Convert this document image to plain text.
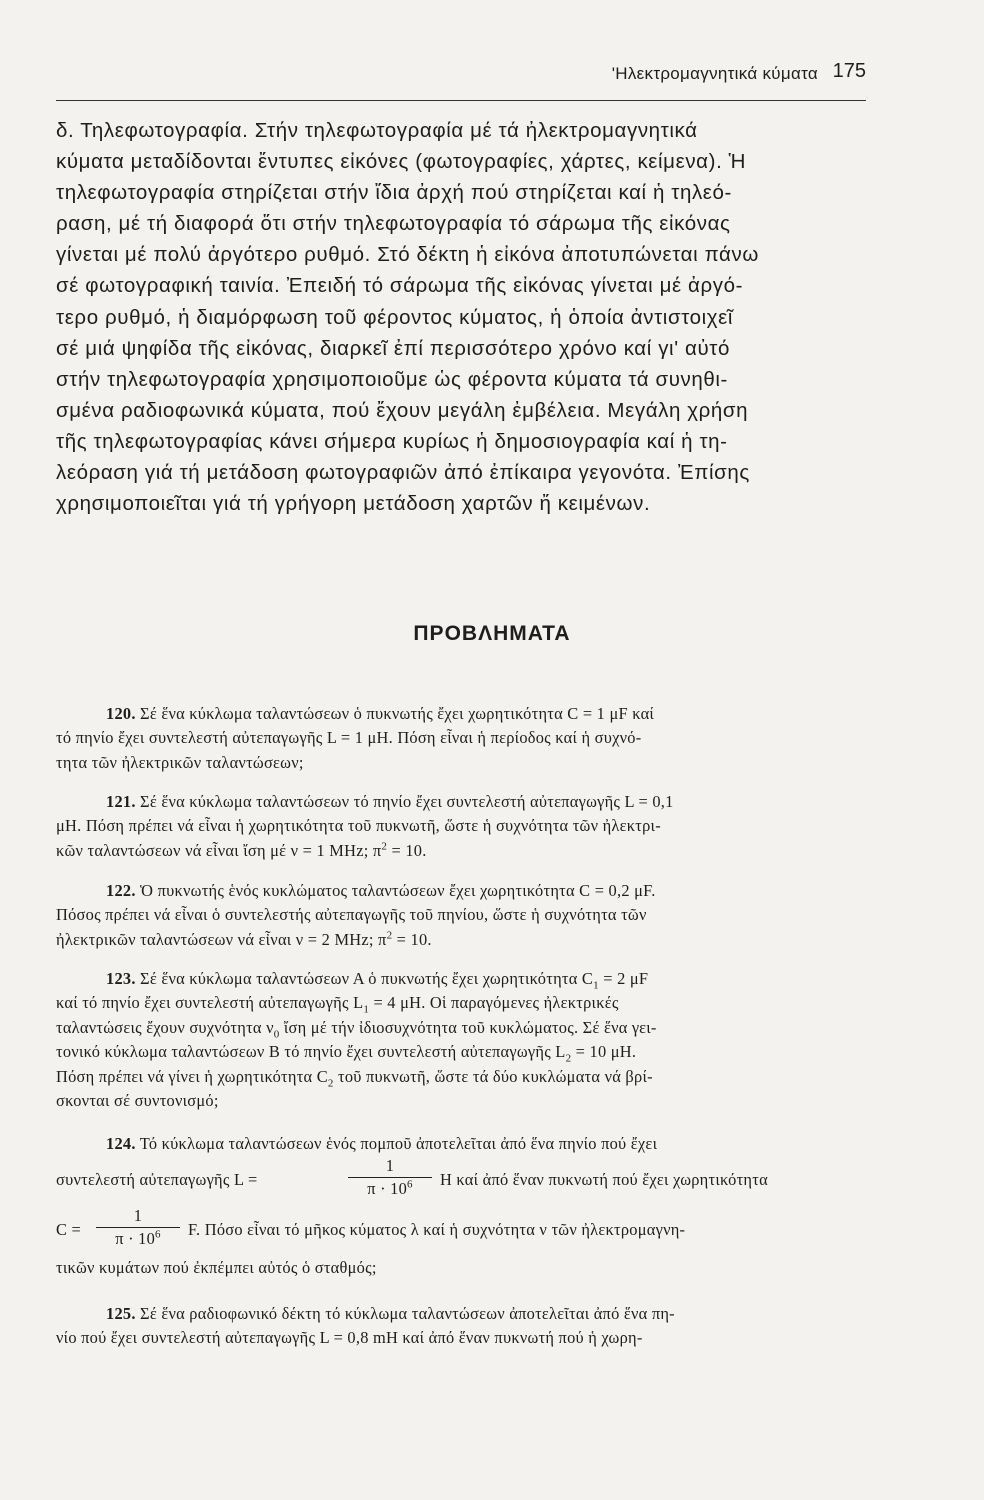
'Ηλεκτρομαγνητικά κύματα 175

δ. Τηλεφωτογραφία. Στήν τηλεφωτογραφία μέ τά ἠλεκτρομαγνητικά

κύματα μεταδίδονται ἔντυπες εἰκόνες (φωτογραφίες, χάρτες, κείμενα). Ἡ

τηλεφωτογραφία στηρίζεται στήν ἴδια ἀρχή πού στηρίζεται καί ἡ τηλεό-

ραση, μέ τή διαφορά ὅτι στήν τηλεφωτογραφία τό σάρωμα τῆς εἰκόνας

γίνεται μέ πολύ ἀργότερο ρυθμό. Στό δέκτη ἡ εἰκόνα ἀποτυπώνεται πάνω

σέ φωτογραφική ταινία. Ἐπειδή τό σάρωμα τῆς εἰκόνας γίνεται μέ ἀργό-

τερο ρυθμό, ἡ διαμόρφωση τοῦ φέροντος κύματος, ἡ ὁποία ἀντιστοιχεῖ

σέ μιά ψηφίδα τῆς εἰκόνας, διαρκεῖ ἐπί περισσότερο χρόνο καί γι' αὐτό

στήν τηλεφωτογραφία χρησιμοποιοῦμε ὡς φέροντα κύματα τά συνηθι-

σμένα ραδιοφωνικά κύματα, πού ἔχουν μεγάλη ἐμβέλεια. Μεγάλη χρήση

τῆς τηλεφωτογραφίας κάνει σήμερα κυρίως ἡ δημοσιογραφία καί ἡ τη-

λεόραση γιά τή μετάδοση φωτογραφιῶν ἀπό ἐπίκαιρα γεγονότα. Ἐπίσης

χρησιμοποιεῖται γιά τή γρήγορη μετάδοση χαρτῶν ἤ κειμένων.

ΠΡΟΒΛΗΜΑΤΑ

120. Σέ ἕνα κύκλωμα ταλαντώσεων ὁ πυκνωτής ἔχει χωρητικότητα C = 1 μF καί

τό πηνίο ἔχει συντελεστή αὐτεπαγωγῆς L = 1 μH. Πόση εἶναι ἡ περίοδος καί ἡ συχνό-

τητα τῶν ἠλεκτρικῶν ταλαντώσεων;

121. Σέ ἕνα κύκλωμα ταλαντώσεων τό πηνίο ἔχει συντελεστή αὐτεπαγωγῆς L = 0,1

μH. Πόση πρέπει νά εἶναι ἡ χωρητικότητα τοῦ πυκνωτῆ, ὥστε ἡ συχνότητα τῶν ἠλεκτρι-

κῶν ταλαντώσεων νά εἶναι ἴση μέ ν = 1 MHz; $\pi^2 = 10$.

122. Ὁ πυκνωτής ἑνός κυκλώματος ταλαντώσεων ἔχει χωρητικότητα C = 0,2 μF.

Πόσος πρέπει νά εἶναι ὁ συντελεστής αὐτεπαγωγῆς τοῦ πηνίου, ὥστε ἡ συχνότητα τῶν

ἠλεκτρικῶν ταλαντώσεων νά εἶναι ν = 2 MHz; $\pi^2 = 10$.

123. Σέ ἕνα κύκλωμα ταλαντώσεων Α ὁ πυκνωτής ἔχει χωρητικότητα $C_1 = 2$ μF

καί τό πηνίο ἔχει συντελεστή αὐτεπαγωγῆς $L_1 = 4$ μH. Οἱ παραγόμενες ἠλεκτρικές

ταλαντώσεις ἔχουν συχνότητα $\nu_0$ ἴση μέ τήν ἰδιοσυχνότητα τοῦ κυκλώματος. Σέ ἕνα γει-

τονικό κύκλωμα ταλαντώσεων Β τό πηνίο ἔχει συντελεστή αὐτεπαγωγῆς $L_2 = 10$ μH.

Πόση πρέπει νά γίνει ἡ χωρητικότητα $C_2$ τοῦ πυκνωτῆ, ὥστε τά δύο κυκλώματα νά βρί-

σκονται σέ συντονισμό;

124. Τό κύκλωμα ταλαντώσεων ἑνός πομποῦ ἀποτελεῖται ἀπό ἕνα πηνίο πού ἔχει

συντελεστή αὐτεπαγωγῆς L =
1
$\pi \cdot 10^6$	H καί ἀπό ἕναν πυκνωτή πού ἔχει χωρητικότητα
C =
1
$\pi \cdot 10^6$	F. Πόσο εἶναι τό μῆκος κύματος λ καί ἡ συχνότητα ν τῶν ἠλεκτρομαγνη-

τικῶν κυμάτων πού ἐκπέμπει αὐτός ὁ σταθμός;

125. Σέ ἕνα ραδιοφωνικό δέκτη τό κύκλωμα ταλαντώσεων ἀποτελεῖται ἀπό ἕνα πη-

νίο πού ἔχει συντελεστή αὐτεπαγωγῆς L = 0,8 mH καί ἀπό ἕναν πυκνωτή πού ἡ χωρη-
